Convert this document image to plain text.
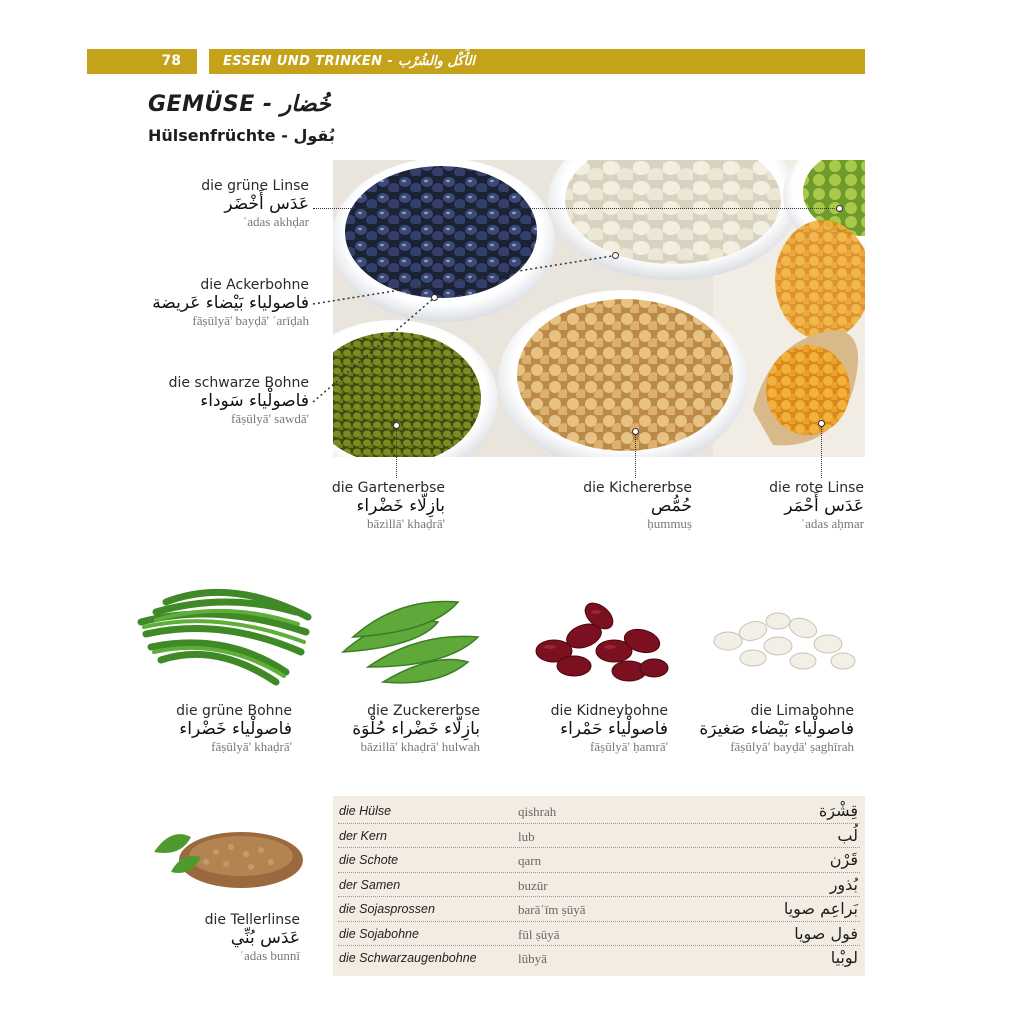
78	ESSEN UND TRINKEN - الأَكْل والشُرْب
GEMÜSE - خُضار
Hülsenfrüchte - بُقول
die grüne Linse
عَدَس أَخْضَر
ʿadas akhḍar
die Ackerbohne
فاصولياء بَيْضاء عَريضة
fāṣūlyā' bayḍā' ʿarīḍah
die schwarze Bohne
فاصولْياء سَوداء
fāṣūlyā' sawdā'
die Gartenerbse
بازِلّاء خَضْراء
bāzillā' khaḍrā'
die Kichererbse
حُمُّص
ḥummuṣ
die rote Linse
عَدَس أَحْمَر
ʿadas aḥmar
die grüne Bohne
فاصولْياء خَضْراء
fāṣūlyā' khaḍrā'
die Zuckererbse
بازِلّاء خَضْراء حُلْوَة
bāzillā' khaḍrā' hulwah
die Kidneybohne
فاصولْياء حَمْراء
fāṣūlyā' ḥamrā'
die Limabohne
فاصولْياء بَيْضاء صَغيرَة
fāṣūlyā' bayḍā' ṣaghīrah
die Tellerlinse
عَدَس بُنِّي
ʿadas bunnī
die Hülse	qishrah	قِشْرَة
der Kern	lub	لُب
die Schote	qarn	قَرْن
der Samen	buzūr	بُذور
die Sojasprossen	barāʿīm ṣūyā	بَراعِم صويا
die Sojabohne	fūl ṣūyā	فول صويا
die Schwarzaugenbohne	lūbyā	لوبْيا
